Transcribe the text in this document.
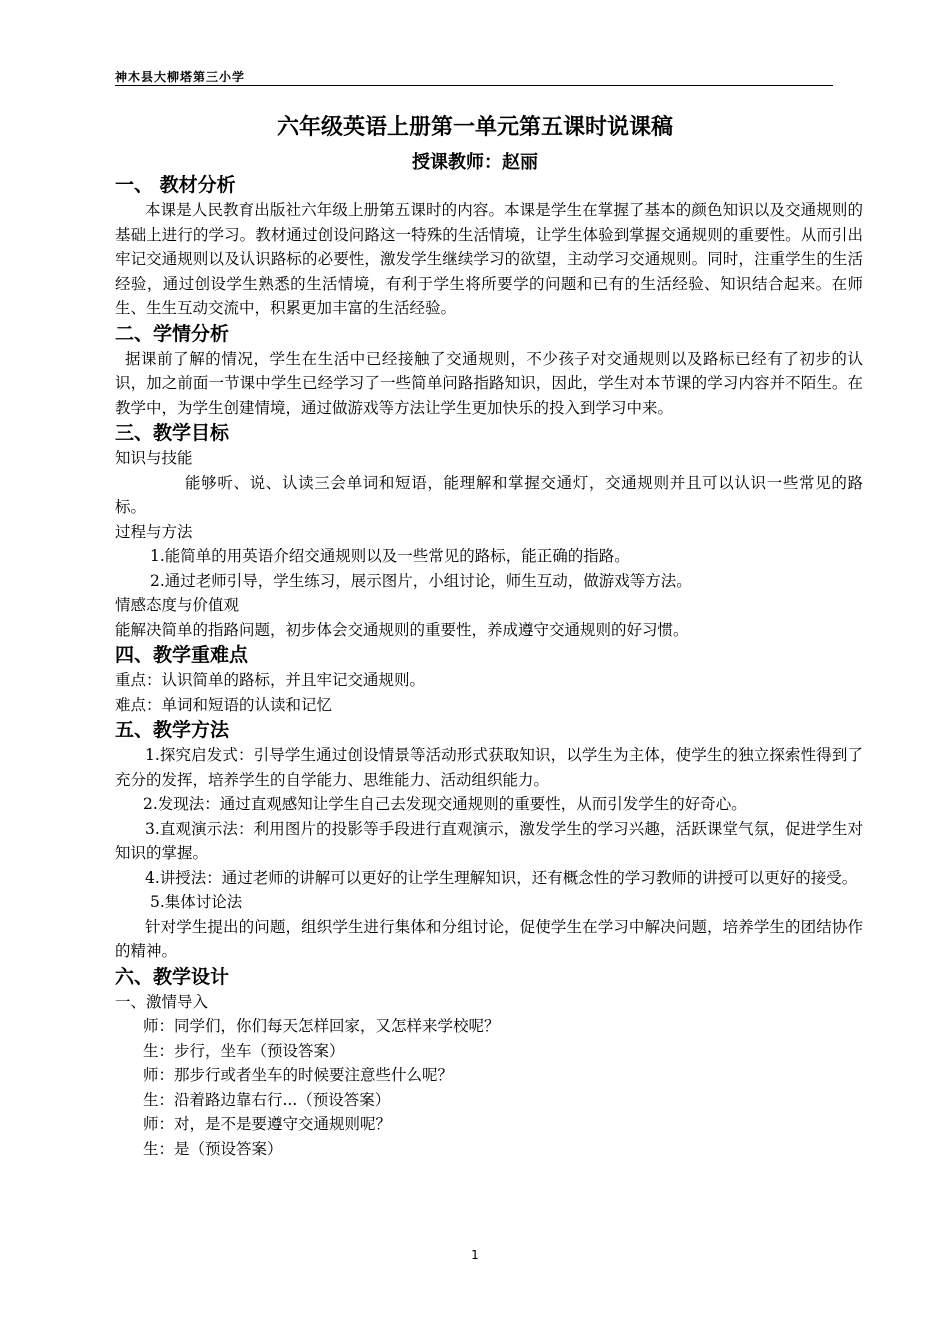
神木县大柳塔第三小学
六年级英语上册第一单元第五课时说课稿
授课教师：赵丽
一、 教材分析

本课是人民教育出版社六年级上册第五课时的内容。本课是学生在掌握了基本的颜色知识以及交通规则的基础上进行的学习。教材通过创设问路这一特殊的生活情境，让学生体验到掌握交通规则的重要性。从而引出牢记交通规则以及认识路标的必要性，激发学生继续学习的欲望，主动学习交通规则。同时，注重学生的生活经验，通过创设学生熟悉的生活情境，有利于学生将所要学的问题和已有的生活经验、知识结合起来。在师生、生生互动交流中，积累更加丰富的生活经验。

二、学情分析

据课前了解的情况，学生在生活中已经接触了交通规则，不少孩子对交通规则以及路标已经有了初步的认识，加之前面一节课中学生已经学习了一些简单问路指路知识，因此，学生对本节课的学习内容并不陌生。在教学中，为学生创建情境，通过做游戏等方法让学生更加快乐的投入到学习中来。

三、教学目标
知识与技能

能够听、说、认读三会单词和短语，能理解和掌握交通灯，交通规则并且可以认识一些常见的路标。

过程与方法
1.能简单的用英语介绍交通规则以及一些常见的路标，能正确的指路。
2.通过老师引导，学生练习，展示图片，小组讨论，师生互动，做游戏等方法。
情感态度与价值观
能解决简单的指路问题，初步体会交通规则的重要性，养成遵守交通规则的好习惯。
四、教学重难点
重点：认识简单的路标，并且牢记交通规则。
难点：单词和短语的认读和记忆
五、教学方法

1.探究启发式：引导学生通过创设情景等活动形式获取知识，以学生为主体，使学生的独立探索性得到了充分的发挥，培养学生的自学能力、思维能力、活动组织能力。

2.发现法：通过直观感知让学生自己去发现交通规则的重要性，从而引发学生的好奇心。

3.直观演示法：利用图片的投影等手段进行直观演示，激发学生的学习兴趣，活跃课堂气氛，促进学生对知识的掌握。

4.讲授法：通过老师的讲解可以更好的让学生理解知识，还有概念性的学习教师的讲授可以更好的接受。

5.集体讨论法

针对学生提出的问题，组织学生进行集体和分组讨论，促使学生在学习中解决问题，培养学生的团结协作的精神。

六、教学设计
一、激情导入
师：同学们，你们每天怎样回家，又怎样来学校呢？
生：步行，坐车（预设答案）
师：那步行或者坐车的时候要注意些什么呢？
生：沿着路边靠右行...（预设答案）
师：对，是不是要遵守交通规则呢？
生：是（预设答案）
1
